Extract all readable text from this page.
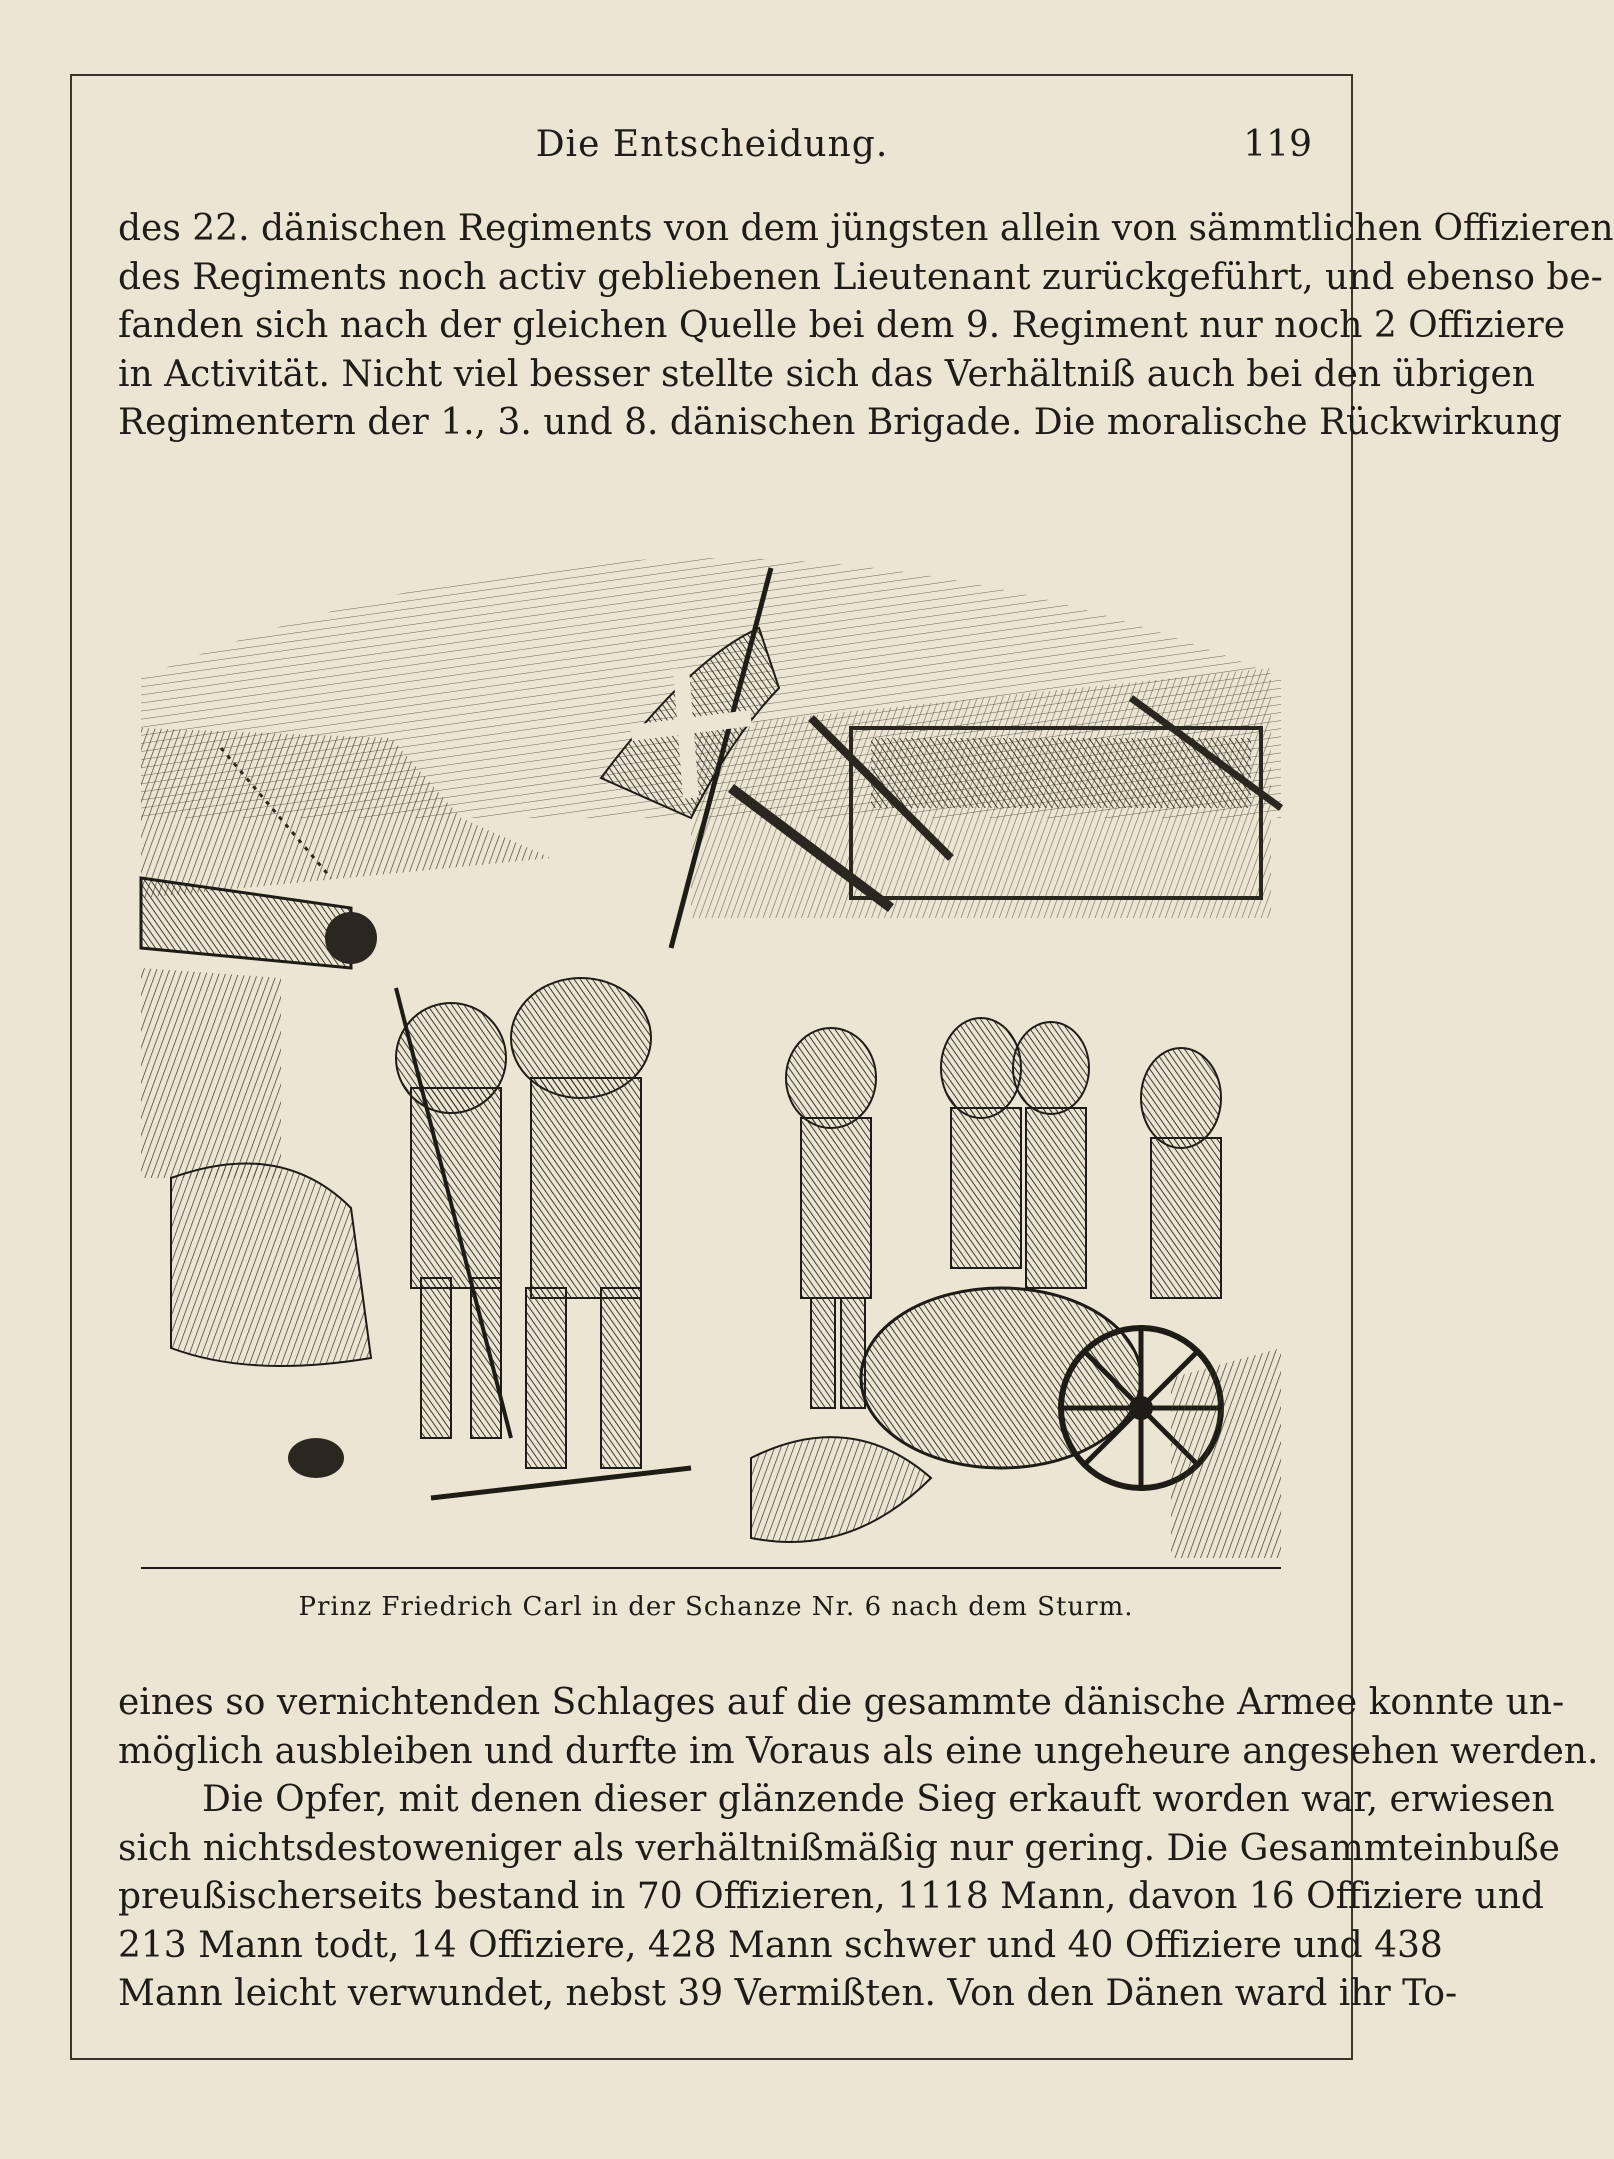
Die Entscheidung.	119
des 22. dänischen Regiments von dem jüngsten allein von sämmtlichen Offizieren
des Regiments noch activ gebliebenen Lieutenant zurückgeführt, und ebenso be-
fanden sich nach der gleichen Quelle bei dem 9. Regiment nur noch 2 Offiziere
in Activität. Nicht viel besser stellte sich das Verhältniß auch bei den übrigen
Regimentern der 1., 3. und 8. dänischen Brigade. Die moralische Rückwirkung
Prinz Friedrich Carl in der Schanze Nr. 6 nach dem Sturm.
eines so vernichtenden Schlages auf die gesammte dänische Armee konnte un-
möglich ausbleiben und durfte im Voraus als eine ungeheure angesehen werden.
Die Opfer, mit denen dieser glänzende Sieg erkauft worden war, erwiesen
sich nichtsdestoweniger als verhältnißmäßig nur gering. Die Gesammteinbuße
preußischerseits bestand in 70 Offizieren, 1118 Mann, davon 16 Offiziere und
213 Mann todt, 14 Offiziere, 428 Mann schwer und 40 Offiziere und 438
Mann leicht verwundet, nebst 39 Vermißten. Von den Dänen ward ihr To-
